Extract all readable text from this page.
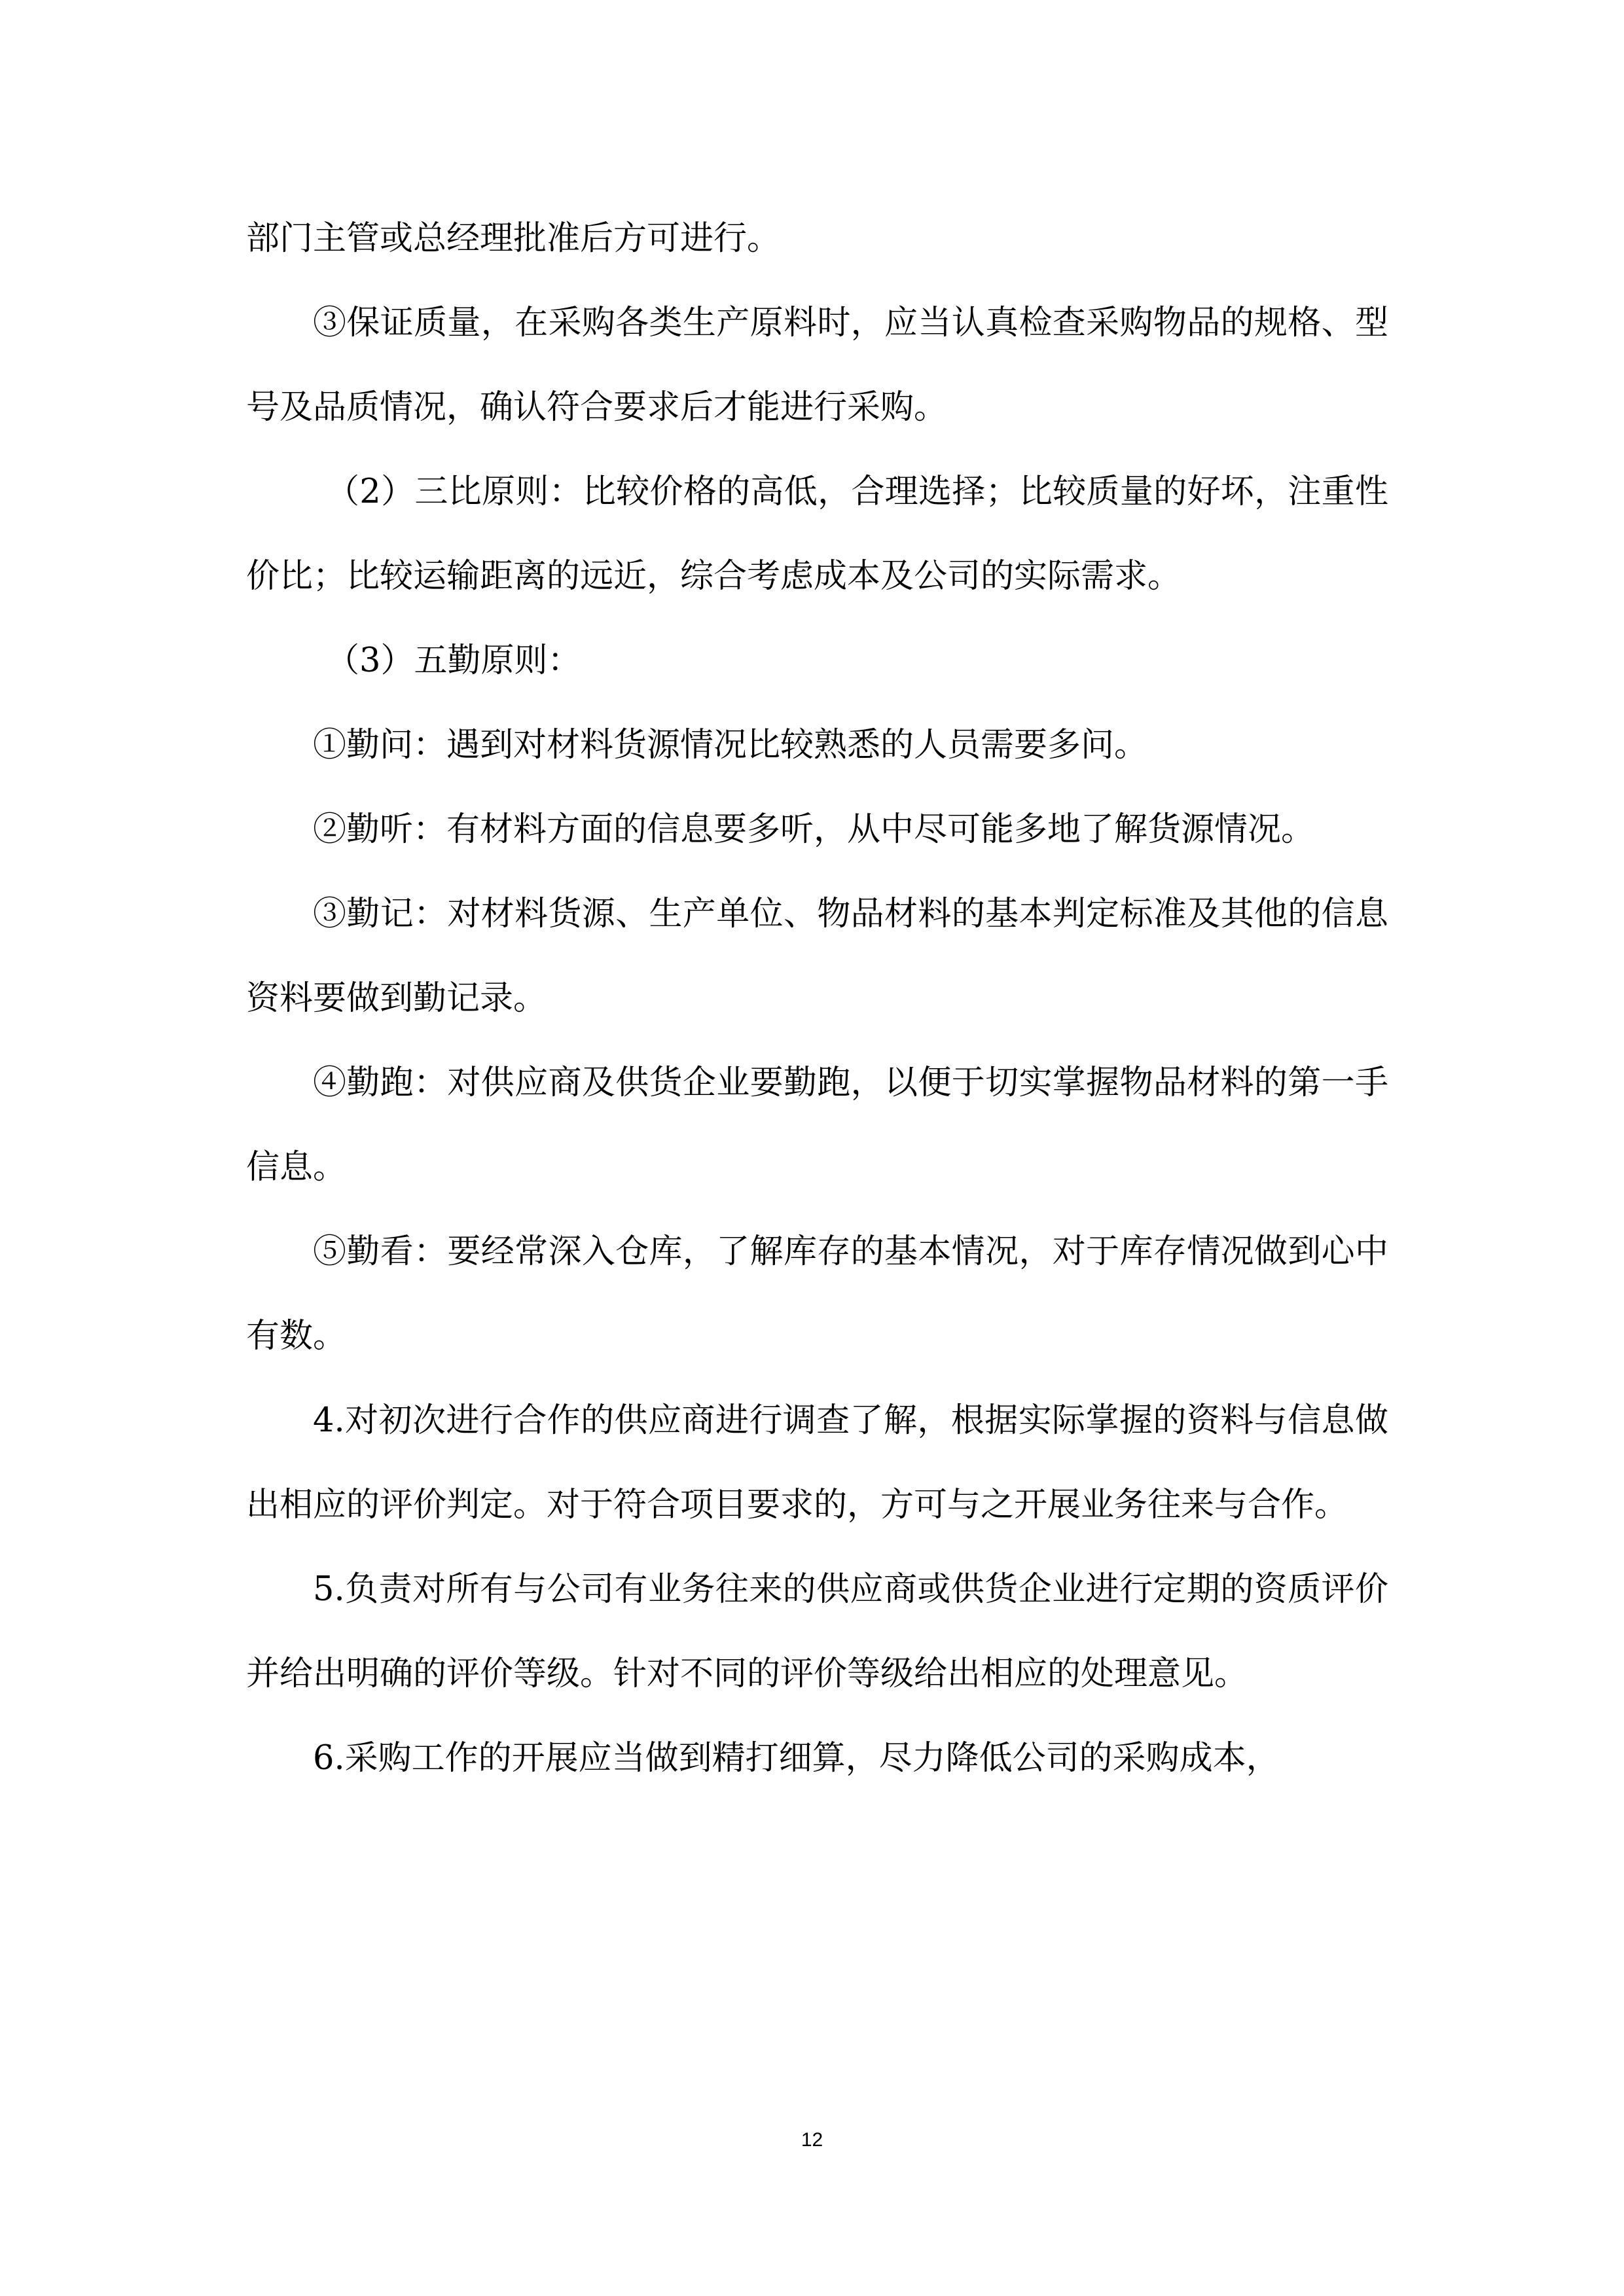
部门主管或总经理批准后方可进行。

③保证质量，在采购各类生产原料时，应当认真检查采购物品的规格、型号及品质情况，确认符合要求后才能进行采购。

（2）三比原则：比较价格的高低，合理选择；比较质量的好坏，注重性价比；比较运输距离的远近，综合考虑成本及公司的实际需求。

（3）五勤原则：

①勤问：遇到对材料货源情况比较熟悉的人员需要多问。

②勤听：有材料方面的信息要多听，从中尽可能多地了解货源情况。

③勤记：对材料货源、生产单位、物品材料的基本判定标准及其他的信息资料要做到勤记录。

④勤跑：对供应商及供货企业要勤跑，以便于切实掌握物品材料的第一手信息。

⑤勤看：要经常深入仓库，了解库存的基本情况，对于库存情况做到心中有数。

4.对初次进行合作的供应商进行调查了解，根据实际掌握的资料与信息做出相应的评价判定。对于符合项目要求的，方可与之开展业务往来与合作。

5.负责对所有与公司有业务往来的供应商或供货企业进行定期的资质评价并给出明确的评价等级。针对不同的评价等级给出相应的处理意见。

6.采购工作的开展应当做到精打细算，尽力降低公司的采购成本，

12
